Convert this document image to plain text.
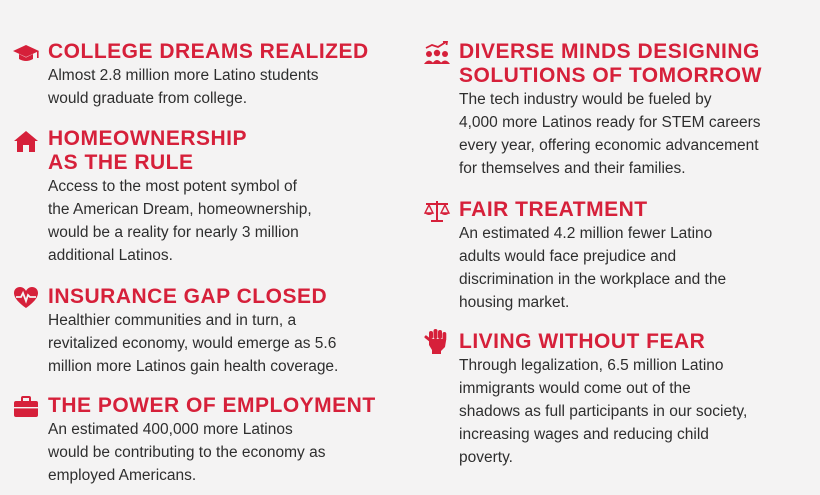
COLLEGE DREAMS REALIZED

Almost 2.8 million more Latino students
would graduate from college.

HOMEOWNERSHIP
AS THE RULE

Access to the most potent symbol of
the American Dream, homeownership,
would be a reality for nearly 3 million
additional Latinos.

INSURANCE GAP CLOSED

Healthier communities and in turn, a
revitalized economy, would emerge as 5.6
million more Latinos gain health coverage.

THE POWER OF EMPLOYMENT

An estimated 400,000 more Latinos
would be contributing to the economy as
employed Americans.

DIVERSE MINDS DESIGNING
SOLUTIONS OF TOMORROW

The tech industry would be fueled by
4,000 more Latinos ready for STEM careers
every year, offering economic advancement
for themselves and their families.

FAIR TREATMENT

An estimated 4.2 million fewer Latino
adults would face prejudice and
discrimination in the workplace and the
housing market.

LIVING WITHOUT FEAR

Through legalization, 6.5 million Latino
immigrants would come out of the
shadows as full participants in our society,
increasing wages and reducing child
poverty.
